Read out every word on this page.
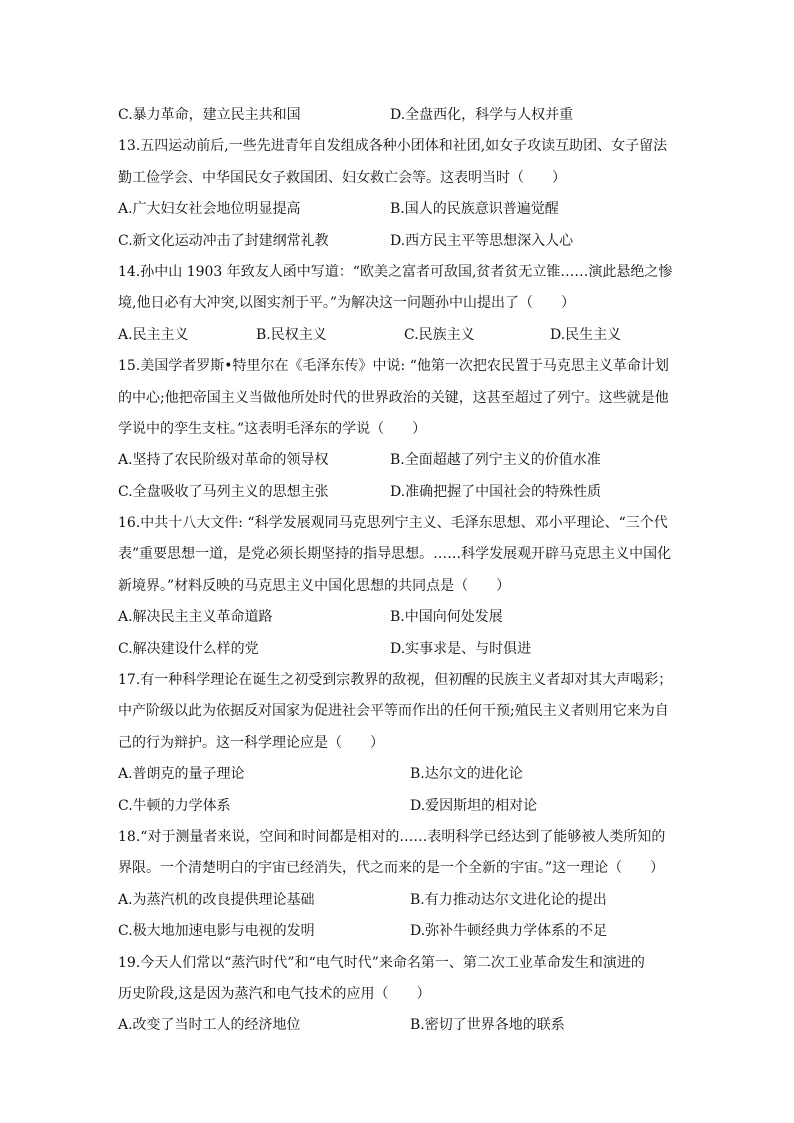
C.暴力革命，建立民主共和国	D.全盘西化，科学与人权并重
13.五四运动前后,一些先进青年自发组成各种小团体和社团,如女子攻读互助团、女子留法
勤工俭学会、中华国民女子救国团、妇女救亡会等。这表明当时（　　）
A.广大妇女社会地位明显提高	B.国人的民族意识普遍觉醒
C.新文化运动冲击了封建纲常礼教	D.西方民主平等思想深入人心
14.孙中山 1903 年致友人函中写道：“欧美之富者可敌国,贫者贫无立锥……演此悬绝之惨
境,他日必有大冲突,以图实剂于平。”为解决这一问题孙中山提出了（　　）
A.民主主义	B.民权主义	C.民族主义	D.民生主义
15.美国学者罗斯•特里尔在《毛泽东传》中说: “他第一次把农民置于马克思主义革命计划
的中心;他把帝国主义当做他所处时代的世界政治的关键，这甚至超过了列宁。这些就是他
学说中的孪生支柱。”这表明毛泽东的学说（　　）
A.坚持了农民阶级对革命的领导权	B.全面超越了列宁主义的价值水准
C.全盘吸收了马列主义的思想主张	D.准确把握了中国社会的特殊性质
16.中共十八大文件: “科学发展观同马克思列宁主义、毛泽东思想、邓小平理论、“三个代
表”重要思想一道，是党必须长期坚持的指导思想。……科学发展观开辟马克思主义中国化
新境界。”材料反映的马克思主义中国化思想的共同点是（　　）
A.解决民主主义革命道路	B.中国向何处发展
C.解决建设什么样的党	D.实事求是、与时俱进
17.有一种科学理论在诞生之初受到宗教界的敌视，但初醒的民族主义者却对其大声喝彩；
中产阶级以此为依据反对国家为促进社会平等而作出的任何干预;殖民主义者则用它来为自
己的行为辩护。这一科学理论应是（　　）
A.普朗克的量子理论	B.达尔文的进化论
C.牛顿的力学体系	D.爱因斯坦的相对论
18.“对于测量者来说，空间和时间都是相对的……表明科学已经达到了能够被人类所知的
界限。一个清楚明白的宇宙已经消失，代之而来的是一个全新的宇宙。”这一理论（　　）
A.为蒸汽机的改良提供理论基础	B.有力推动达尔文进化论的提出
C.极大地加速电影与电视的发明	D.弥补牛顿经典力学体系的不足
19.今天人们常以“蒸汽时代”和“电气时代”来命名第一、第二次工业革命发生和演进的
历史阶段,这是因为蒸汽和电气技术的应用（　　）
A.改变了当时工人的经济地位	B.密切了世界各地的联系
